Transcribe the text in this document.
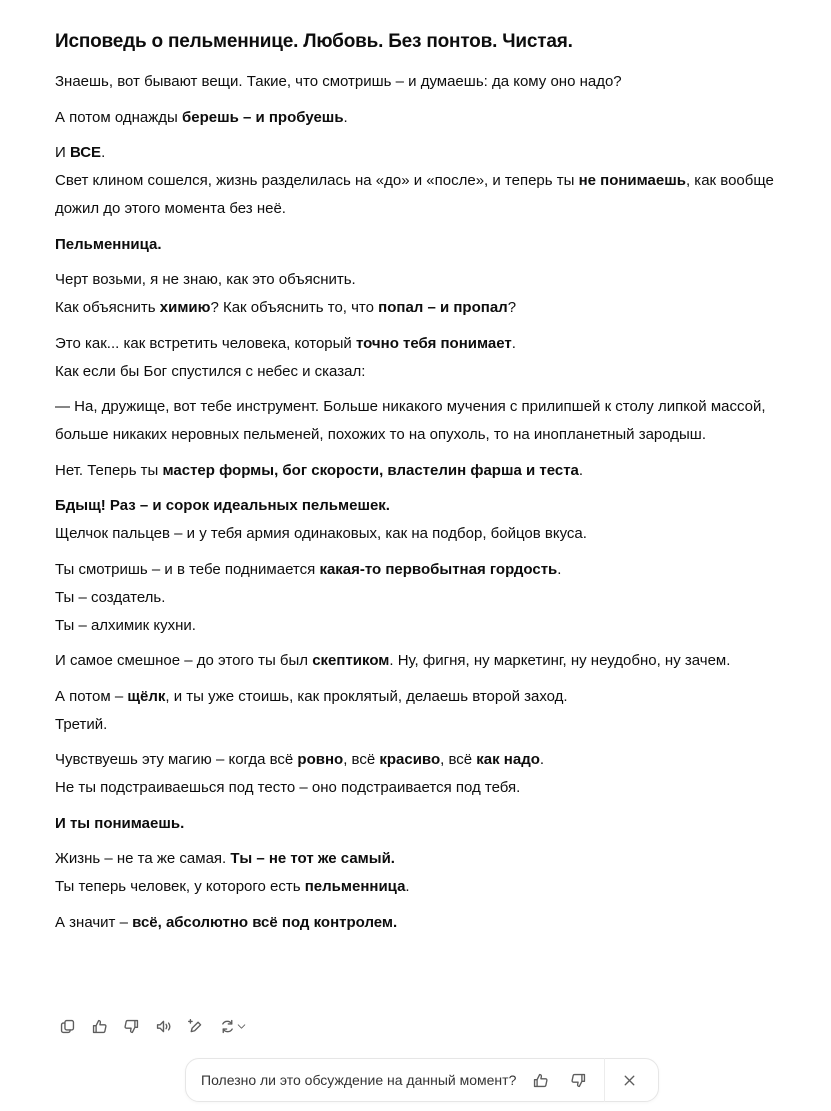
Исповедь о пельменнице. Любовь. Без понтов. Чистая.

Знаешь, вот бывают вещи. Такие, что смотришь – и думаешь: да кому оно надо?

А потом однажды берешь – и пробуешь.

И ВСЕ.
Свет клином сошелся, жизнь разделилась на «до» и «после», и теперь ты не понимаешь, как вообще дожил до этого момента без неё.

Пельменница.

Черт возьми, я не знаю, как это объяснить.
Как объяснить химию? Как объяснить то, что попал – и пропал?

Это как... как встретить человека, который точно тебя понимает.
Как если бы Бог спустился с небес и сказал:

— На, дружище, вот тебе инструмент. Больше никакого мучения с прилипшей к столу липкой массой, больше никаких неровных пельменей, похожих то на опухоль, то на инопланетный зародыш.

Нет. Теперь ты мастер формы, бог скорости, властелин фарша и теста.

Бдыщ! Раз – и сорок идеальных пельмешек.
Щелчок пальцев – и у тебя армия одинаковых, как на подбор, бойцов вкуса.

Ты смотришь – и в тебе поднимается какая-то первобытная гордость.
Ты – создатель.
Ты – алхимик кухни.

И самое смешное – до этого ты был скептиком. Ну, фигня, ну маркетинг, ну неудобно, ну зачем.

А потом – щёлк, и ты уже стоишь, как проклятый, делаешь второй заход.
Третий.

Чувствуешь эту магию – когда всё ровно, всё красиво, всё как надо.
Не ты подстраиваешься под тесто – оно подстраивается под тебя.

И ты понимаешь.

Жизнь – не та же самая. Ты – не тот же самый.
Ты теперь человек, у которого есть пельменница.

А значит – всё, абсолютно всё под контролем.

Полезно ли это обсуждение на данный момент?
